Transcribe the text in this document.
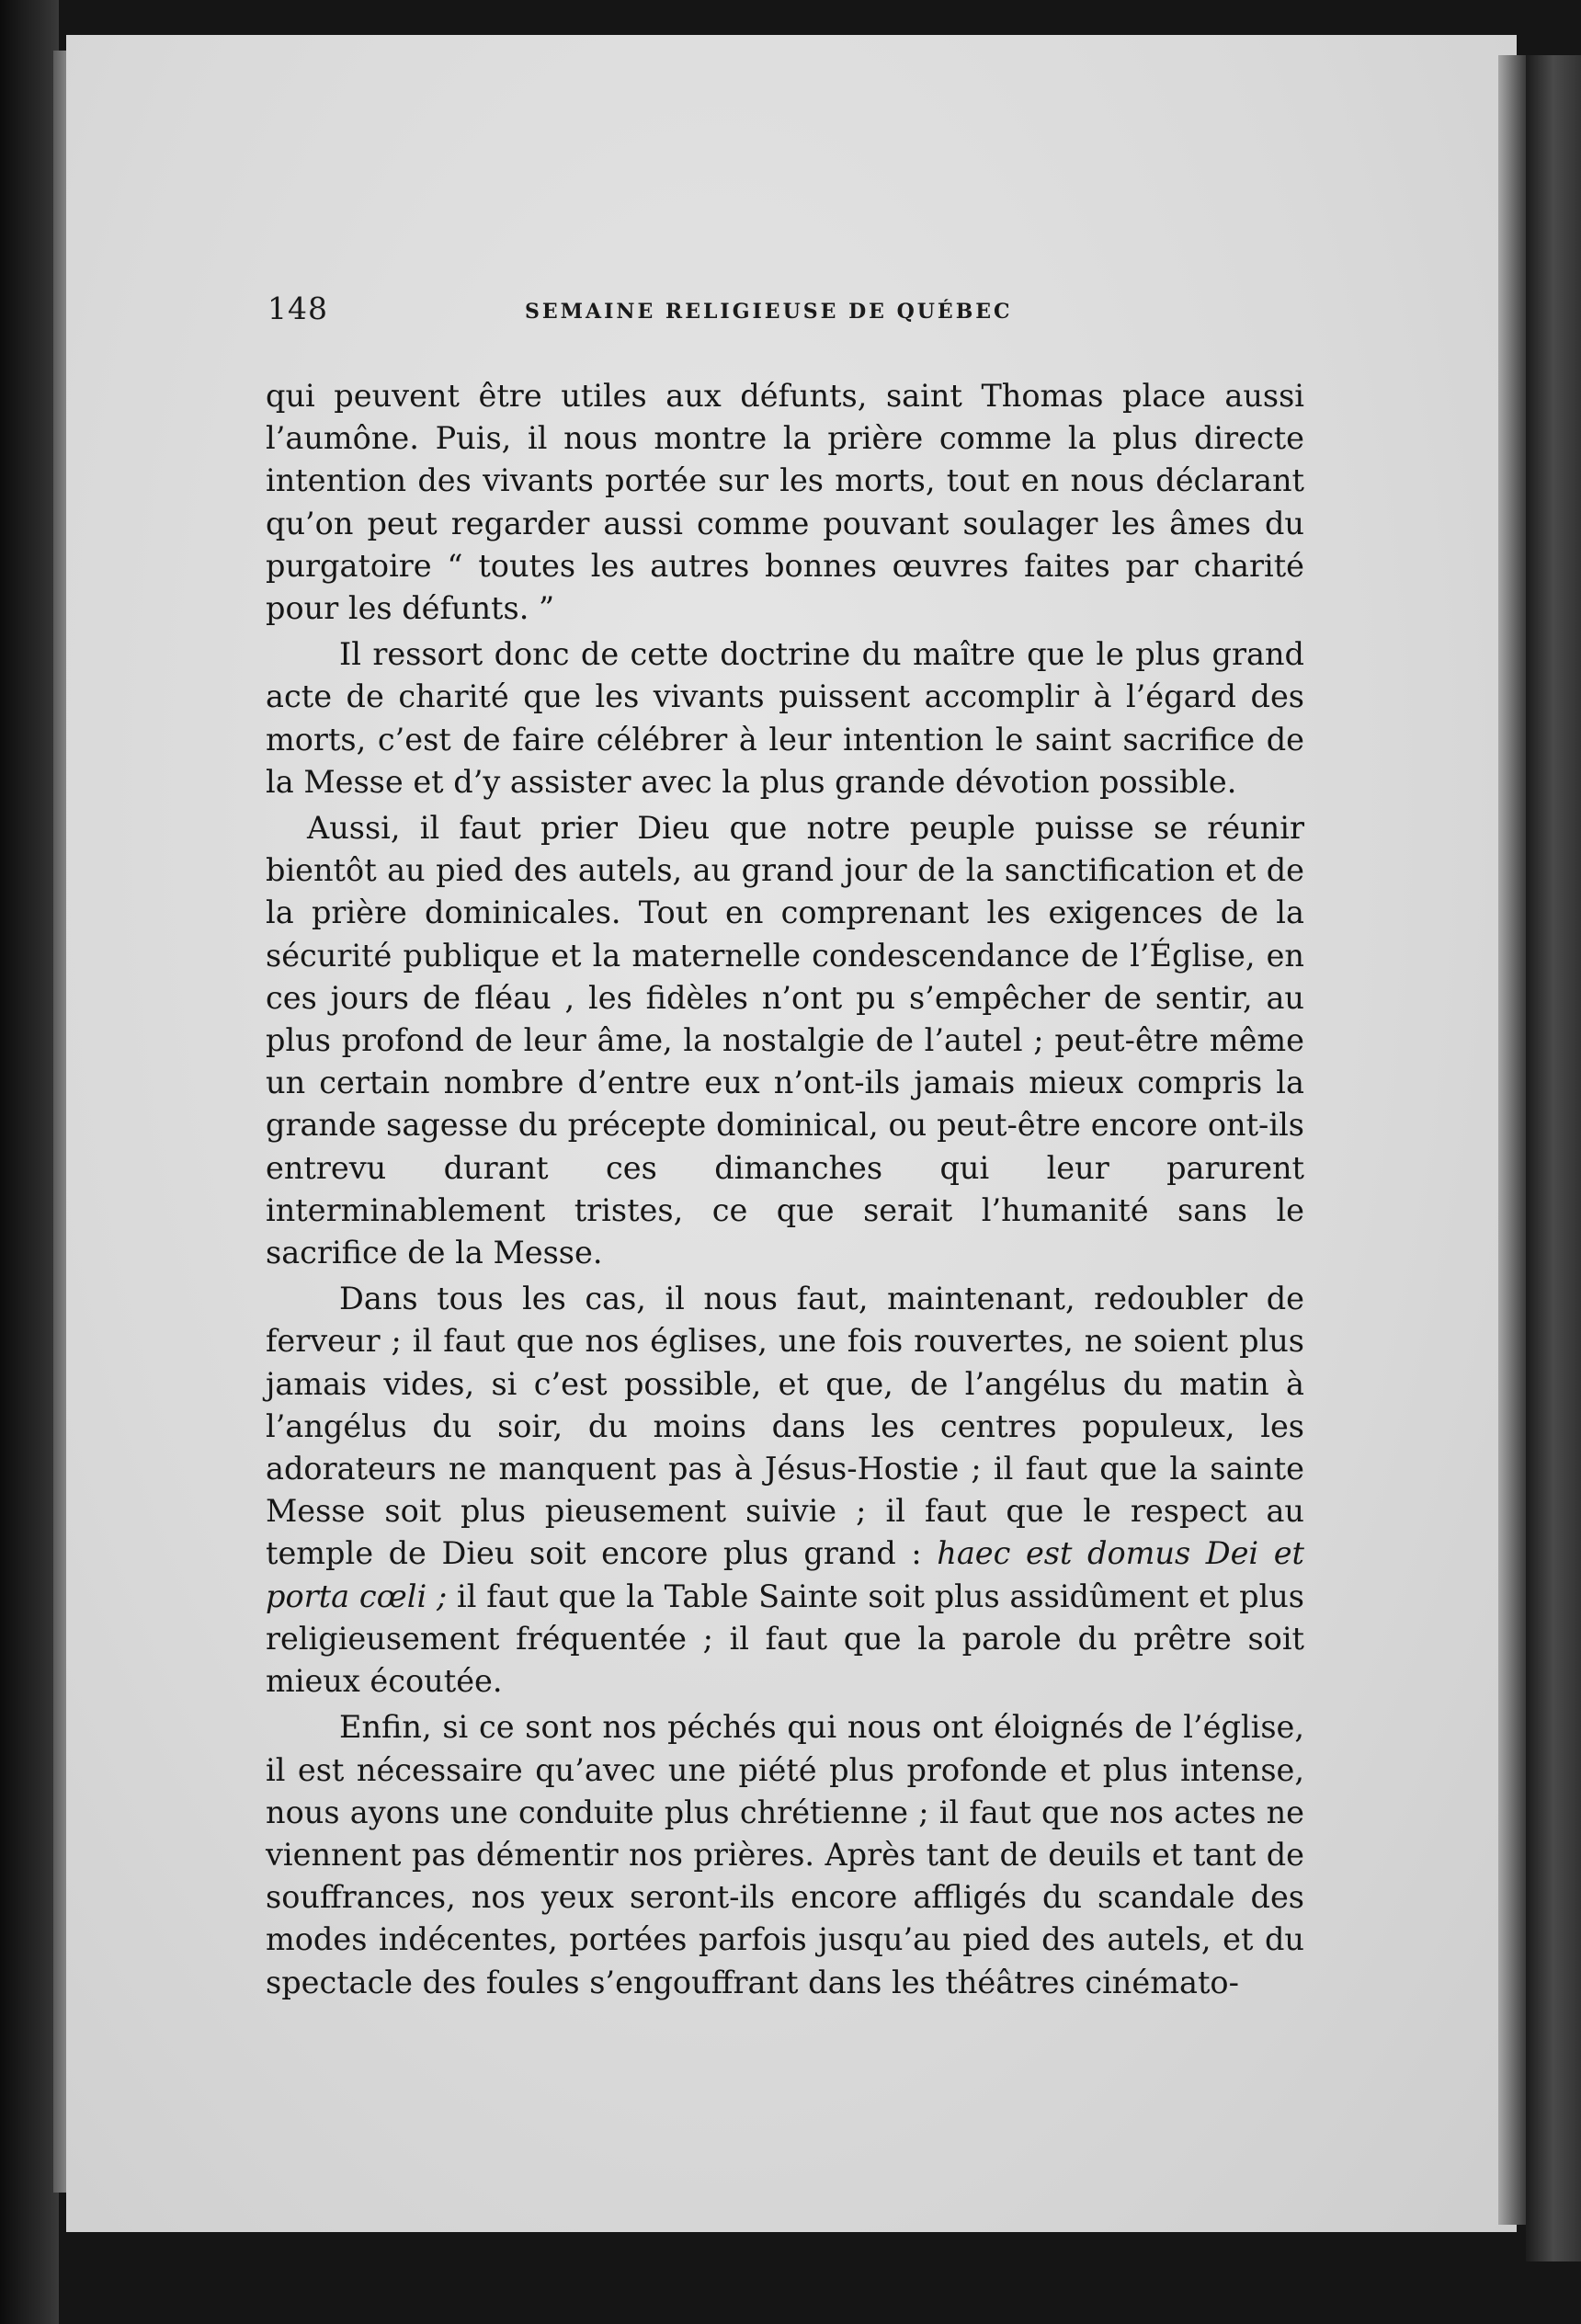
148	SEMAINE RELIGIEUSE DE QUÉBEC

qui peuvent être utiles aux défunts, saint Thomas place aussi l’aumône. Puis, il nous montre la prière comme la plus directe intention des vivants portée sur les morts, tout en nous déclarant qu’on peut regarder aussi comme pouvant soulager les âmes du purgatoire “ toutes les autres bonnes œuvres faites par charité pour les défunts. ”

Il ressort donc de cette doctrine du maître que le plus grand acte de charité que les vivants puissent accomplir à l’égard des morts, c’est de faire célébrer à leur intention le saint sacrifice de la Messe et d’y assister avec la plus grande dévotion possible.

Aussi, il faut prier Dieu que notre peuple puisse se réunir bientôt au pied des autels, au grand jour de la sanctification et de la prière dominicales. Tout en comprenant les exigences de la sécurité publique et la maternelle condescendance de l’Église, en ces jours de fléau , les fidèles n’ont pu s’empêcher de sentir, au plus profond de leur âme, la nostalgie de l’autel ; peut-être même un certain nombre d’entre eux n’ont-ils jamais mieux compris la grande sagesse du précepte dominical, ou peut-être encore ont-ils entrevu durant ces dimanches qui leur parurent interminablement tristes, ce que serait l’humanité sans le sacrifice de la Messe.

Dans tous les cas, il nous faut, maintenant, redoubler de ferveur ; il faut que nos églises, une fois rouvertes, ne soient plus jamais vides, si c’est possible, et que, de l’angélus du matin à l’angélus du soir, du moins dans les centres populeux, les adorateurs ne manquent pas à Jésus-Hostie ; il faut que la sainte Messe soit plus pieusement suivie ; il faut que le respect au temple de Dieu soit encore plus grand : haec est domus Dei et porta cœli ; il faut que la Table Sainte soit plus assidûment et plus religieusement fréquentée ; il faut que la parole du prêtre soit mieux écoutée.

Enfin, si ce sont nos péchés qui nous ont éloignés de l’église, il est nécessaire qu’avec une piété plus profonde et plus intense, nous ayons une conduite plus chrétienne ; il faut que nos actes ne viennent pas démentir nos prières. Après tant de deuils et tant de souffrances, nos yeux seront-ils encore affligés du scandale des modes indécentes, portées parfois jusqu’au pied des autels, et du spectacle des foules s’engouffrant dans les théâtres cinémato-
